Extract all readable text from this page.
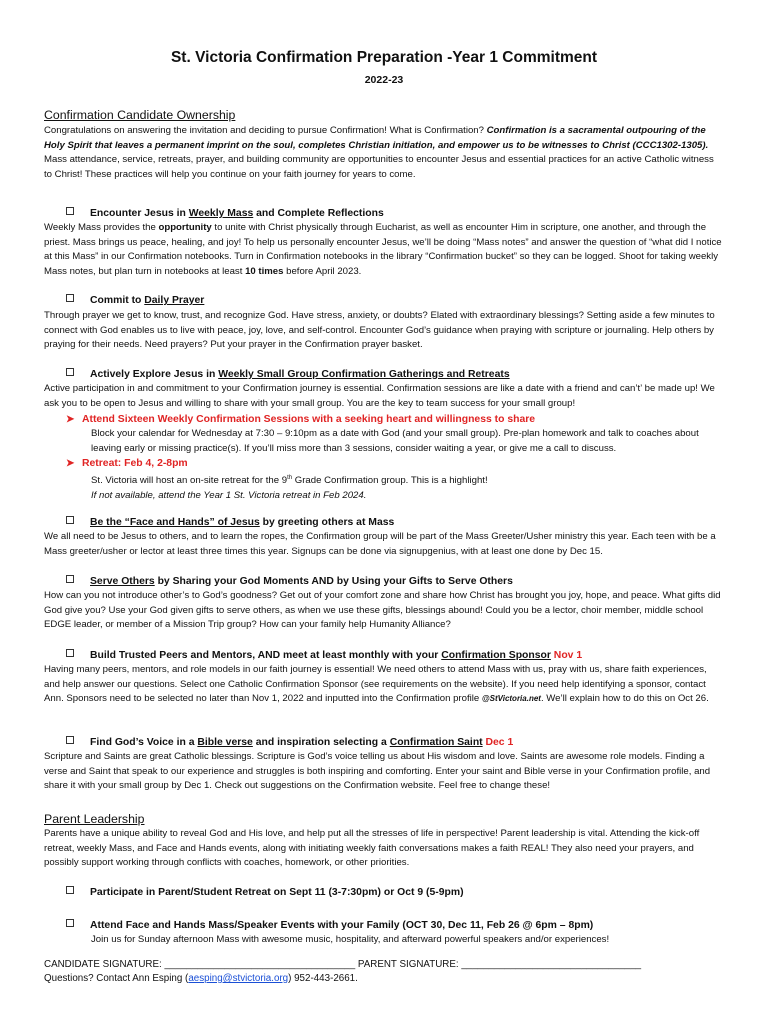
St. Victoria Confirmation Preparation -Year 1 Commitment
2022-23
Confirmation Candidate Ownership
Congratulations on answering the invitation and deciding to pursue Confirmation! What is Confirmation? Confirmation is a sacramental outpouring of the Holy Spirit that leaves a permanent imprint on the soul, completes Christian initiation, and empower us to be witnesses to Christ (CCC1302-1305). Mass attendance, service, retreats, prayer, and building community are opportunities to encounter Jesus and essential practices for an active Catholic witness to Christ! These practices will help you continue on your faith journey for years to come.
Encounter Jesus in Weekly Mass and Complete Reflections
Weekly Mass provides the opportunity to unite with Christ physically through Eucharist, as well as encounter Him in scripture, one another, and through the priest. Mass brings us peace, healing, and joy! To help us personally encounter Jesus, we’ll be doing “Mass notes” and answer the question of “what did I notice at this Mass” in our Confirmation notebooks. Turn in Confirmation notebooks in the library “Confirmation bucket” so they can be logged. Shoot for taking weekly Mass notes, but plan turn in notebooks at least 10 times before April 2023.
Commit to Daily Prayer
Through prayer we get to know, trust, and recognize God. Have stress, anxiety, or doubts? Elated with extraordinary blessings? Setting aside a few minutes to connect with God enables us to live with peace, joy, love, and self-control. Encounter God’s guidance when praying with scripture or journaling. Help others by praying for their needs. Need prayers? Put your prayer in the Confirmation prayer basket.
Actively Explore Jesus in Weekly Small Group Confirmation Gatherings and Retreats
Active participation in and commitment to your Confirmation journey is essential. Confirmation sessions are like a date with a friend and can’t’ be made up! We ask you to be open to Jesus and willing to share with your small group. You are the key to team success for your small group!
➤ Attend Sixteen Weekly Confirmation Sessions with a seeking heart and willingness to share
Block your calendar for Wednesday at 7:30 – 9:10pm as a date with God (and your small group). Pre-plan homework and talk to coaches about leaving early or missing practice(s). If you’ll miss more than 3 sessions, consider waiting a year, or give me a call to discuss.
➤ Retreat: Feb 4, 2-8pm
St. Victoria will host an on-site retreat for the 9th Grade Confirmation group. This is a highlight!
If not available, attend the Year 1 St. Victoria retreat in Feb 2024.
Be the “Face and Hands” of Jesus by greeting others at Mass
We all need to be Jesus to others, and to learn the ropes, the Confirmation group will be part of the Mass Greeter/Usher ministry this year. Each teen with be a Mass greeter/usher or lector at least three times this year. Signups can be done via signupgenius, with at least one done by Dec 15.
Serve Others by Sharing your God Moments AND by Using your Gifts to Serve Others
How can you not introduce other’s to God’s goodness? Get out of your comfort zone and share how Christ has brought you joy, hope, and peace. What gifts did God give you? Use your God given gifts to serve others, as when we use these gifts, blessings abound! Could you be a lector, choir member, middle school EDGE leader, or member of a Mission Trip group? How can your family help Humanity Alliance?
Build Trusted Peers and Mentors, AND meet at least monthly with your Confirmation Sponsor Nov 1
Having many peers, mentors, and role models in our faith journey is essential! We need others to attend Mass with us, pray with us, share faith experiences, and help answer our questions. Select one Catholic Confirmation Sponsor (see requirements on the website). If you need help identifying a sponsor, contact Ann. Sponsors need to be selected no later than Nov 1, 2022 and inputted into the Confirmation profile @StVictoria.net. We’ll explain how to do this on Oct 26.
Find God’s Voice in a Bible verse and inspiration selecting a Confirmation Saint Dec 1
Scripture and Saints are great Catholic blessings. Scripture is God’s voice telling us about His wisdom and love. Saints are awesome role models. Finding a verse and Saint that speak to our experience and struggles is both inspiring and comforting. Enter your saint and Bible verse in your Confirmation profile, and share it with your small group by Dec 1. Check out suggestions on the Confirmation website. Feel free to change these!
Parent Leadership
Parents have a unique ability to reveal God and His love, and help put all the stresses of life in perspective! Parent leadership is vital. Attending the kick-off retreat, weekly Mass, and Face and Hands events, along with initiating weekly faith conversations makes a faith REAL! They also need your prayers, and possibly support working through conflicts with coaches, homework, or other priorities.
Participate in Parent/Student Retreat on Sept 11 (3-7:30pm) or Oct 9 (5-9pm)
Attend Face and Hands Mass/Speaker Events with your Family (OCT 30, Dec 11, Feb 26 @ 6pm – 8pm)
Join us for Sunday afternoon Mass with awesome music, hospitality, and afterward powerful speakers and/or experiences!
CANDIDATE SIGNATURE: ___________________________________ PARENT SIGNATURE: _________________________________
Questions? Contact Ann Esping (aesping@stvictoria.org) 952-443-2661.
